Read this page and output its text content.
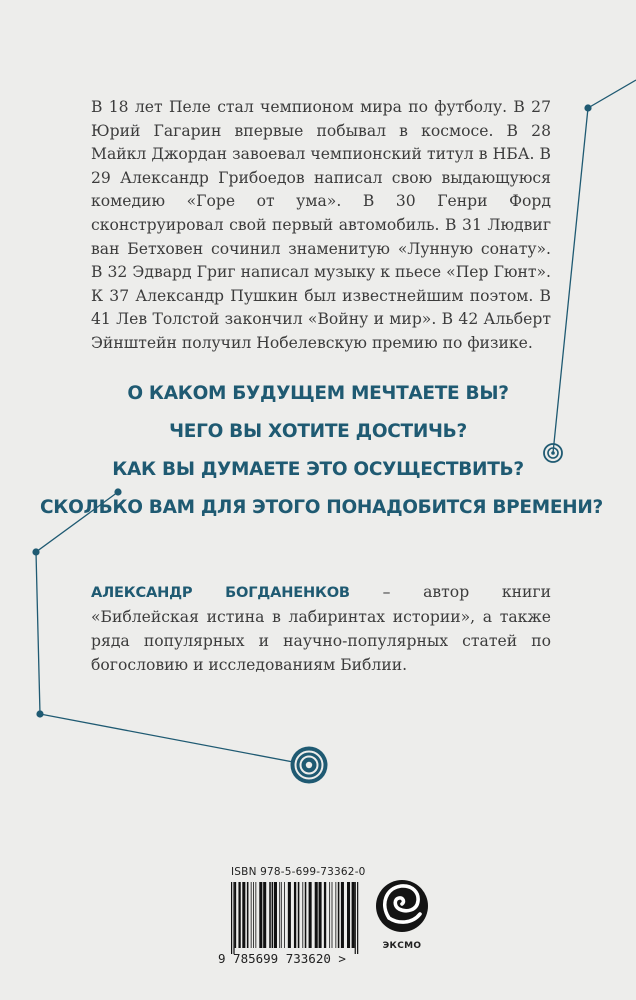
В 18 лет Пеле стал чемпионом мира по футболу. В 27 Юрий Гагарин впервые побывал в космосе. В 28 Майкл Джордан завоевал чемпионский титул в НБА. В 29 Александр Грибоедов написал свою выдающуюся комедию «Горе от ума». В 30 Генри Форд сконструировал свой первый автомобиль. В 31 Людвиг ван Бетховен сочинил знаменитую «Лунную сонату». В 32 Эдвард Григ написал музыку к пьесе «Пер Гюнт». К 37 Александр Пушкин был известнейшим поэтом. В 41 Лев Толстой закончил «Войну и мир». В 42 Альберт Эйнштейн получил Нобелевскую премию по физике.

О КАКОМ БУДУЩЕМ МЕЧТАЕТЕ ВЫ?
ЧЕГО ВЫ ХОТИТЕ ДОСТИЧЬ?
КАК ВЫ ДУМАЕТЕ ЭТО ОСУЩЕСТВИТЬ?
СКОЛЬКО ВАМ ДЛЯ ЭТОГО ПОНАДОБИТСЯ ВРЕМЕНИ?

АЛЕКСАНДР БОГДАНЕНКОВ – автор книги «Библейская истина в лабиринтах истории», а также ряда популярных и научно-популярных статей по богословию и исследованиям Библии.

ISBN 978-5-699-73362-0
9 785699 733620 >
ЭКСМО
